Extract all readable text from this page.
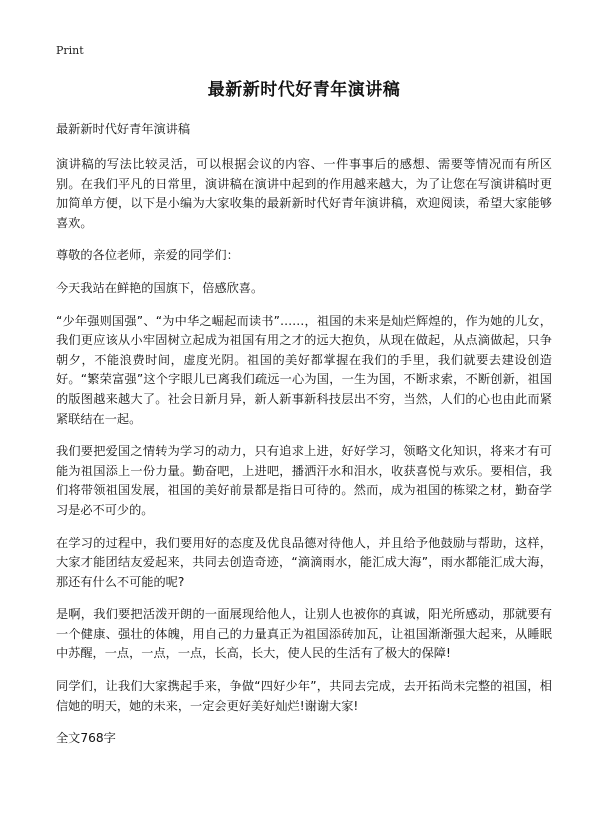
Print
最新新时代好青年演讲稿
最新新时代好青年演讲稿

演讲稿的写法比较灵活，可以根据会议的内容、一件事事后的感想、需要等情况而有所区别。在我们平凡的日常里，演讲稿在演讲中起到的作用越来越大，为了让您在写演讲稿时更加简单方便，以下是小编为大家收集的最新新时代好青年演讲稿，欢迎阅读，希望大家能够喜欢。

尊敬的各位老师，亲爱的同学们：

今天我站在鲜艳的国旗下，倍感欣喜。

“少年强则国强”、“为中华之崛起而读书”……，祖国的未来是灿烂辉煌的，作为她的儿女，我们更应该从小牢固树立起成为祖国有用之才的远大抱负，从现在做起，从点滴做起，只争朝夕，不能浪费时间，虚度光阴。祖国的美好都掌握在我们的手里，我们就要去建设创造好。“繁荣富强”这个字眼儿已离我们疏远一心为国，一生为国，不断求索，不断创新，祖国的版图越来越大了。社会日新月异，新人新事新科技层出不穷，当然，人们的心也由此而紧紧联结在一起。

我们要把爱国之情转为学习的动力，只有追求上进，好好学习，领略文化知识，将来才有可能为祖国添上一份力量。勤奋吧，上进吧，播洒汗水和泪水，收获喜悦与欢乐。要相信，我们将带领祖国发展，祖国的美好前景都是指日可待的。然而，成为祖国的栋梁之材，勤奋学习是必不可少的。

在学习的过程中，我们要用好的态度及优良品德对待他人，并且给予他鼓励与帮助，这样，大家才能团结友爱起来，共同去创造奇迹，“滴滴雨水，能汇成大海”，雨水都能汇成大海，那还有什么不可能的呢?

是啊，我们要把活泼开朗的一面展现给他人，让别人也被你的真诚，阳光所感动，那就要有一个健康、强壮的体魄，用自己的力量真正为祖国添砖加瓦，让祖国渐渐强大起来，从睡眠中苏醒，一点，一点，一点，长高，长大，使人民的生活有了极大的保障!

同学们，让我们大家携起手来，争做“四好少年”，共同去完成，去开拓尚未完整的祖国，相信她的明天，她的未来，一定会更好美好灿烂!谢谢大家!

全文768字
